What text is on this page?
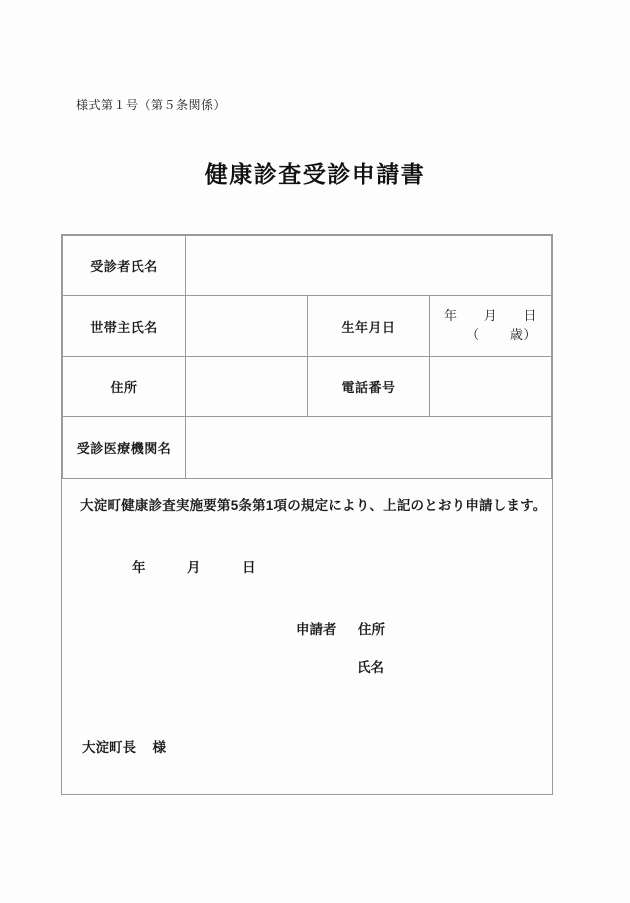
様式第１号（第５条関係）
健康診査受診申請書
受診者氏名			
世帯主氏名		生年月日	年 月 日
（ 歳）

住所		電話番号	
受診医療機関名			
大淀町健康診査実施要第5条第1項の規定により、上記のとおり申請します。
年	月	日
申請者 住所
氏名
大淀町長 様
